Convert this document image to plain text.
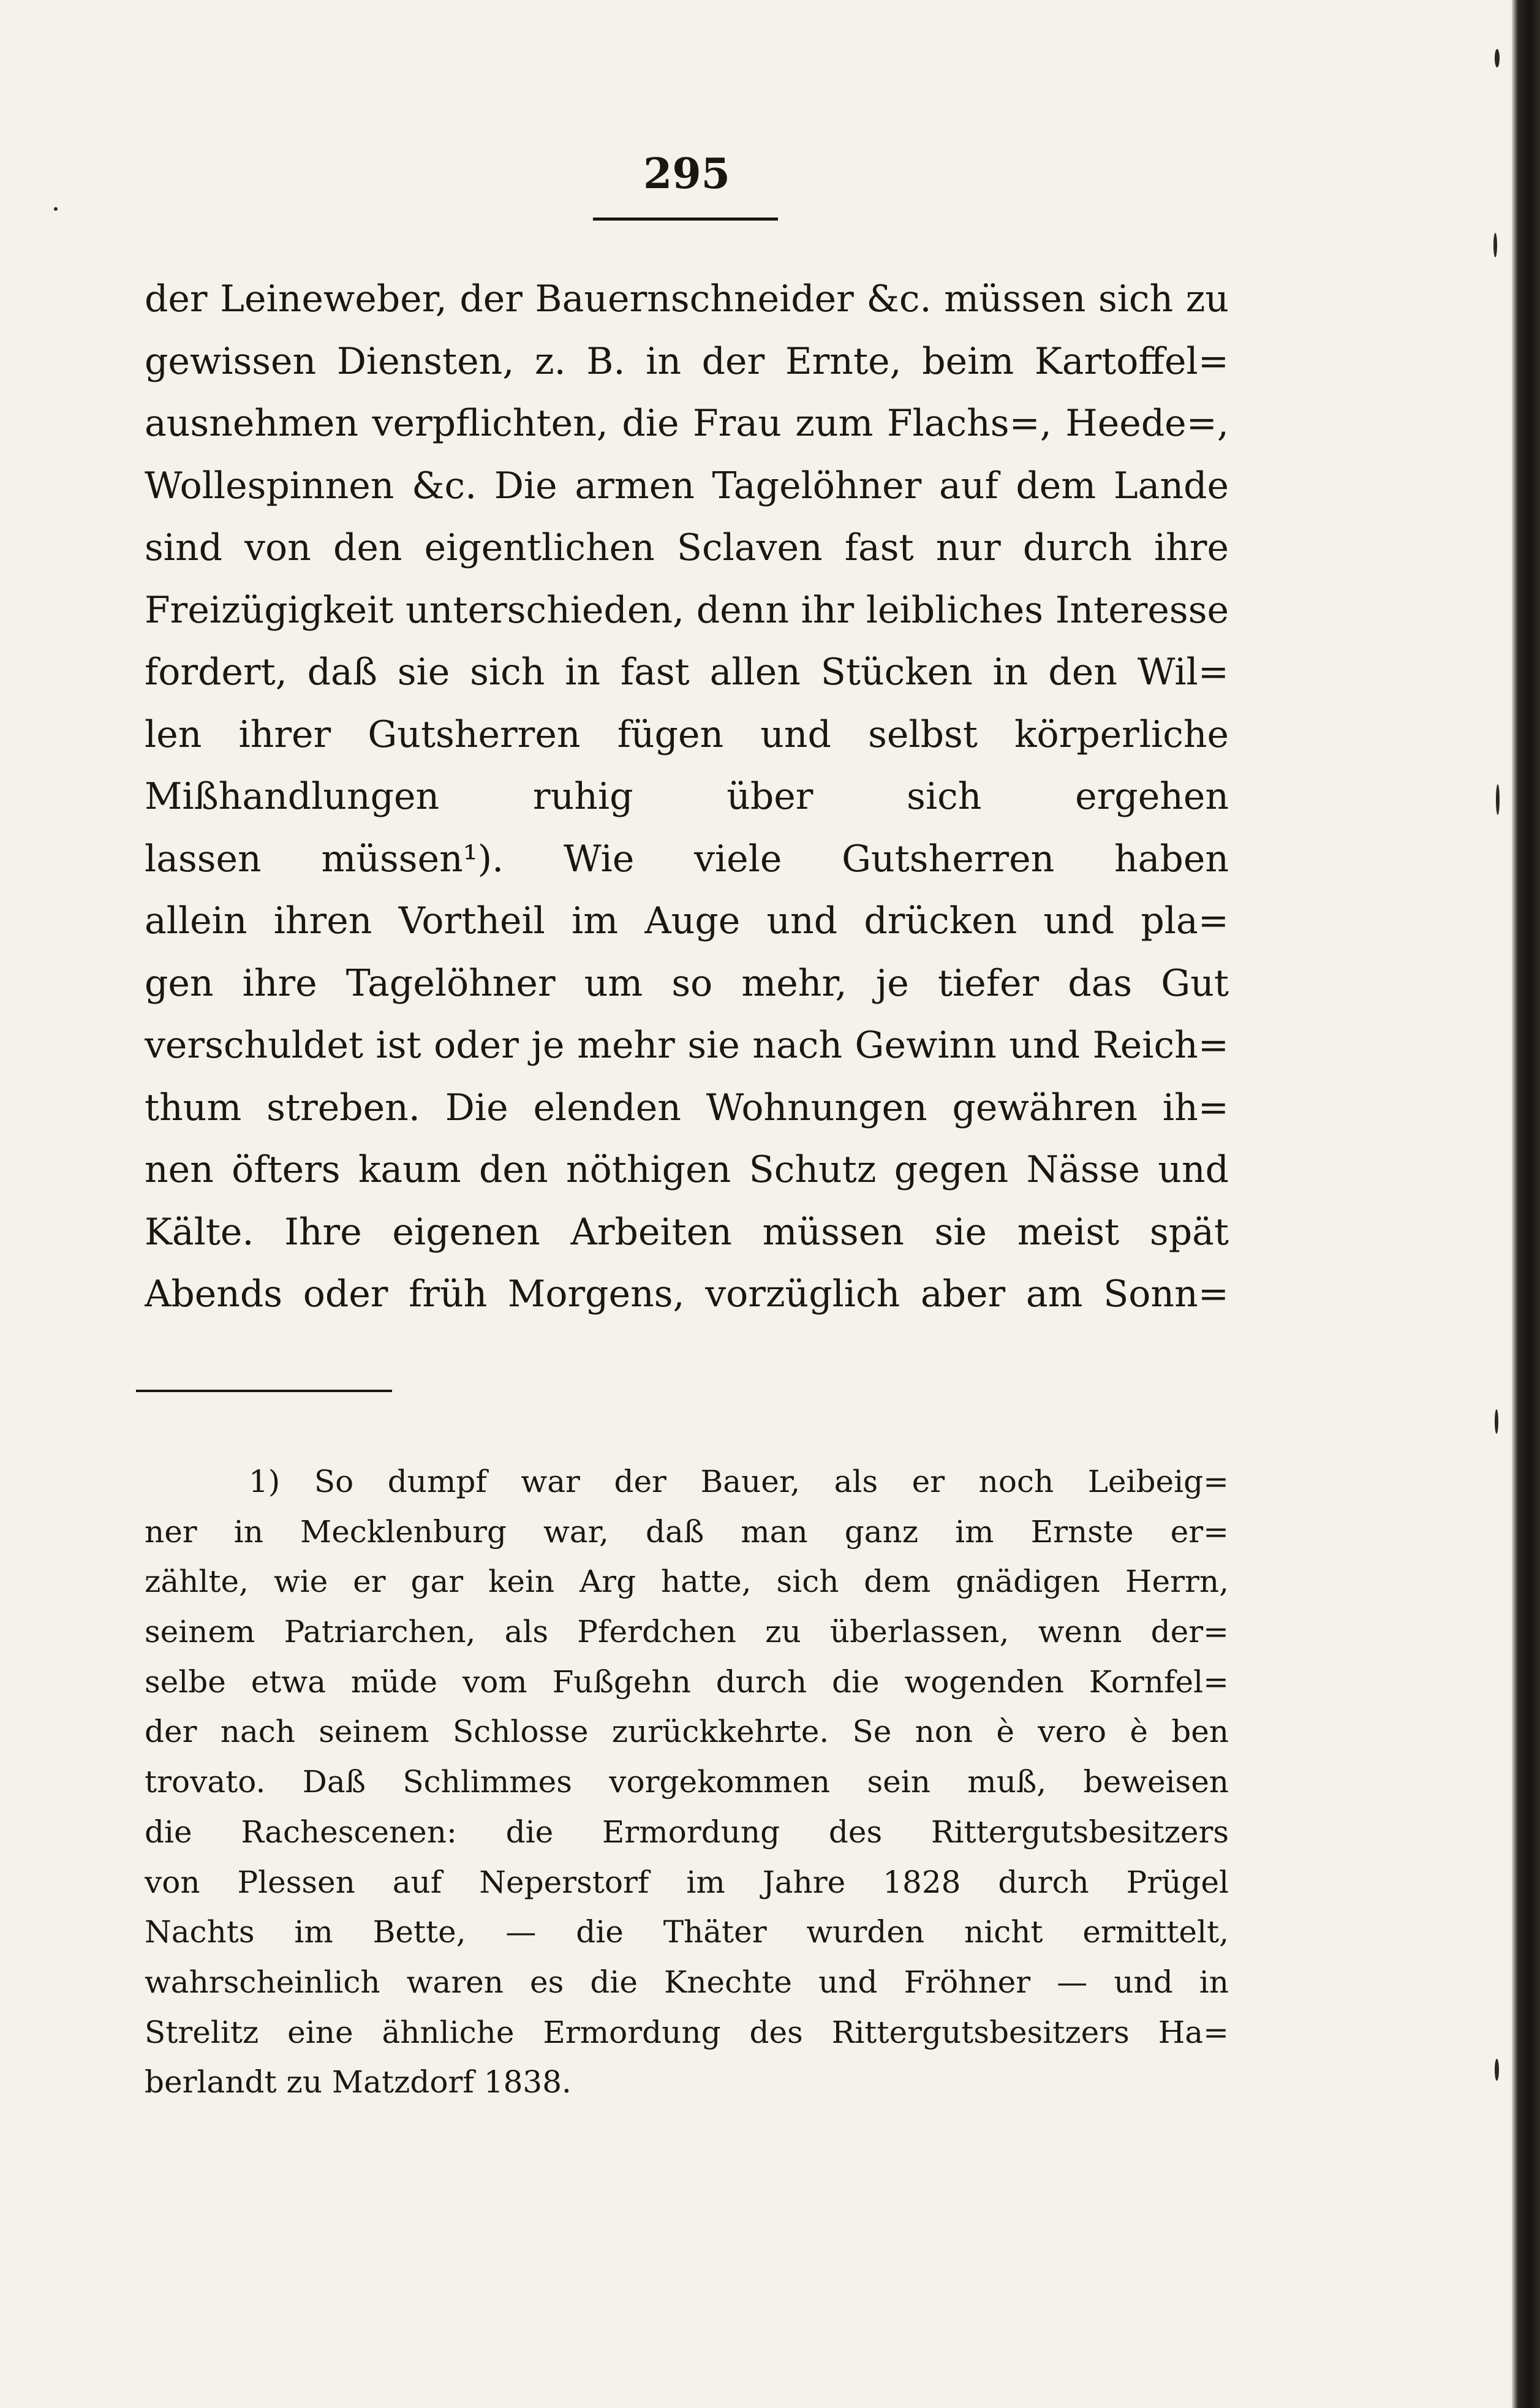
295
der Leineweber, der Bauernschneider &c. müssen sich zu
gewissen Diensten, z. B. in der Ernte, beim Kartoffel=
ausnehmen verpflichten, die Frau zum Flachs=, Heede=,
Wollespinnen &c. Die armen Tagelöhner auf dem Lande
sind von den eigentlichen Sclaven fast nur durch ihre
Freizügigkeit unterschieden, denn ihr leibliches Interesse
fordert, daß sie sich in fast allen Stücken in den Wil=
len ihrer Gutsherren fügen und selbst körperliche
Mißhandlungen ruhig über sich ergehen
lassen müssen¹). Wie viele Gutsherren haben
allein ihren Vortheil im Auge und drücken und pla=
gen ihre Tagelöhner um so mehr, je tiefer das Gut
verschuldet ist oder je mehr sie nach Gewinn und Reich=
thum streben. Die elenden Wohnungen gewähren ih=
nen öfters kaum den nöthigen Schutz gegen Nässe und
Kälte. Ihre eigenen Arbeiten müssen sie meist spät
Abends oder früh Morgens, vorzüglich aber am Sonn=
1) So dumpf war der Bauer, als er noch Leibeig=
ner in Mecklenburg war, daß man ganz im Ernste er=
zählte, wie er gar kein Arg hatte, sich dem gnädigen Herrn,
seinem Patriarchen, als Pferdchen zu überlassen, wenn der=
selbe etwa müde vom Fußgehn durch die wogenden Kornfel=
der nach seinem Schlosse zurückkehrte. Se non è vero è ben
trovato. Daß Schlimmes vorgekommen sein muß, beweisen
die Rachescenen: die Ermordung des Rittergutsbesitzers
von Plessen auf Neperstorf im Jahre 1828 durch Prügel
Nachts im Bette, — die Thäter wurden nicht ermittelt,
wahrscheinlich waren es die Knechte und Fröhner — und in
Strelitz eine ähnliche Ermordung des Rittergutsbesitzers Ha=
berlandt zu Matzdorf 1838.
